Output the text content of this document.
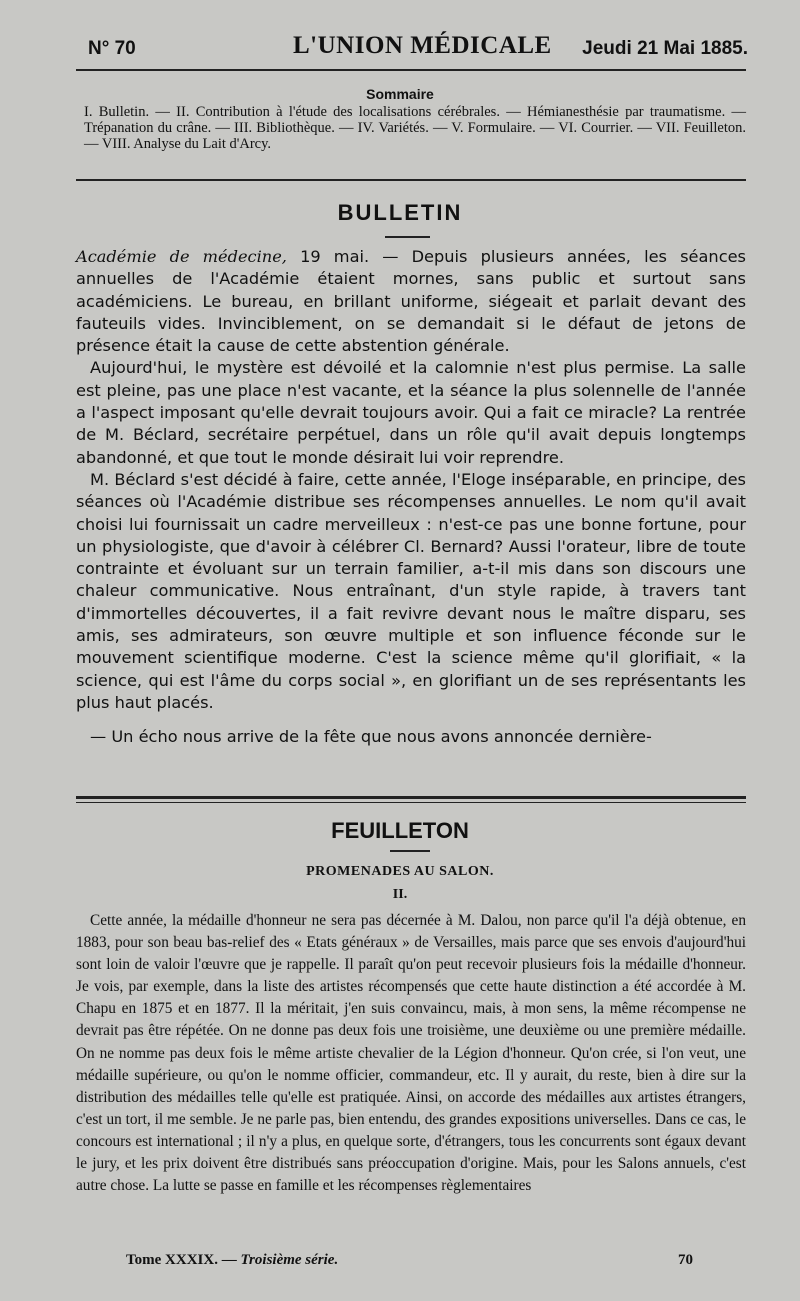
N° 70	L'UNION MÉDICALE Jeudi 21 Mai 1885.
Sommaire
I. Bulletin. — II. Contribution à l'étude des localisations cérébrales. — Hémianesthésie par traumatisme. — Trépanation du crâne. — III. Bibliothèque. — IV. Variétés. — V. Formulaire. — VI. Courrier. — VII. Feuilleton. — VIII. Analyse du Lait d'Arcy.
BULLETIN

Académie de médecine, 19 mai. — Depuis plusieurs années, les séances annuelles de l'Académie étaient mornes, sans public et surtout sans académiciens. Le bureau, en brillant uniforme, siégeait et parlait devant des fauteuils vides. Invinciblement, on se demandait si le défaut de jetons de présence était la cause de cette abstention générale.

Aujourd'hui, le mystère est dévoilé et la calomnie n'est plus permise. La salle est pleine, pas une place n'est vacante, et la séance la plus solennelle de l'année a l'aspect imposant qu'elle devrait toujours avoir. Qui a fait ce miracle? La rentrée de M. Béclard, secrétaire perpétuel, dans un rôle qu'il avait depuis longtemps abandonné, et que tout le monde désirait lui voir reprendre.

M. Béclard s'est décidé à faire, cette année, l'Eloge inséparable, en principe, des séances où l'Académie distribue ses récompenses annuelles. Le nom qu'il avait choisi lui fournissait un cadre merveilleux : n'est-ce pas une bonne fortune, pour un physiologiste, que d'avoir à célébrer Cl. Bernard? Aussi l'orateur, libre de toute contrainte et évoluant sur un terrain familier, a-t-il mis dans son discours une chaleur communicative. Nous entraînant, d'un style rapide, à travers tant d'immortelles découvertes, il a fait revivre devant nous le maître disparu, ses amis, ses admirateurs, son œuvre multiple et son influence féconde sur le mouvement scientifique moderne. C'est la science même qu'il glorifiait, « la science, qui est l'âme du corps social », en glorifiant un de ses représentants les plus haut placés.

— Un écho nous arrive de la fête que nous avons annoncée dernière-

FEUILLETON
PROMENADES AU SALON.
II.

Cette année, la médaille d'honneur ne sera pas décernée à M. Dalou, non parce qu'il l'a déjà obtenue, en 1883, pour son beau bas-relief des « Etats généraux » de Versailles, mais parce que ses envois d'aujourd'hui sont loin de valoir l'œuvre que je rappelle. Il paraît qu'on peut recevoir plusieurs fois la médaille d'honneur. Je vois, par exemple, dans la liste des artistes récompensés que cette haute distinction a été accordée à M. Chapu en 1875 et en 1877. Il la méritait, j'en suis convaincu, mais, à mon sens, la même récompense ne devrait pas être répétée. On ne donne pas deux fois une troisième, une deuxième ou une première médaille. On ne nomme pas deux fois le même artiste chevalier de la Légion d'honneur. Qu'on crée, si l'on veut, une médaille supérieure, ou qu'on le nomme officier, commandeur, etc. Il y aurait, du reste, bien à dire sur la distribution des médailles telle qu'elle est pratiquée. Ainsi, on accorde des médailles aux artistes étrangers, c'est un tort, il me semble. Je ne parle pas, bien entendu, des grandes expositions universelles. Dans ce cas, le concours est international ; il n'y a plus, en quelque sorte, d'étrangers, tous les concurrents sont égaux devant le jury, et les prix doivent être distribués sans préoccupation d'origine. Mais, pour les Salons annuels, c'est autre chose. La lutte se passe en famille et les récompenses règlementaires

Tome XXXIX. — Troisième série.	70
